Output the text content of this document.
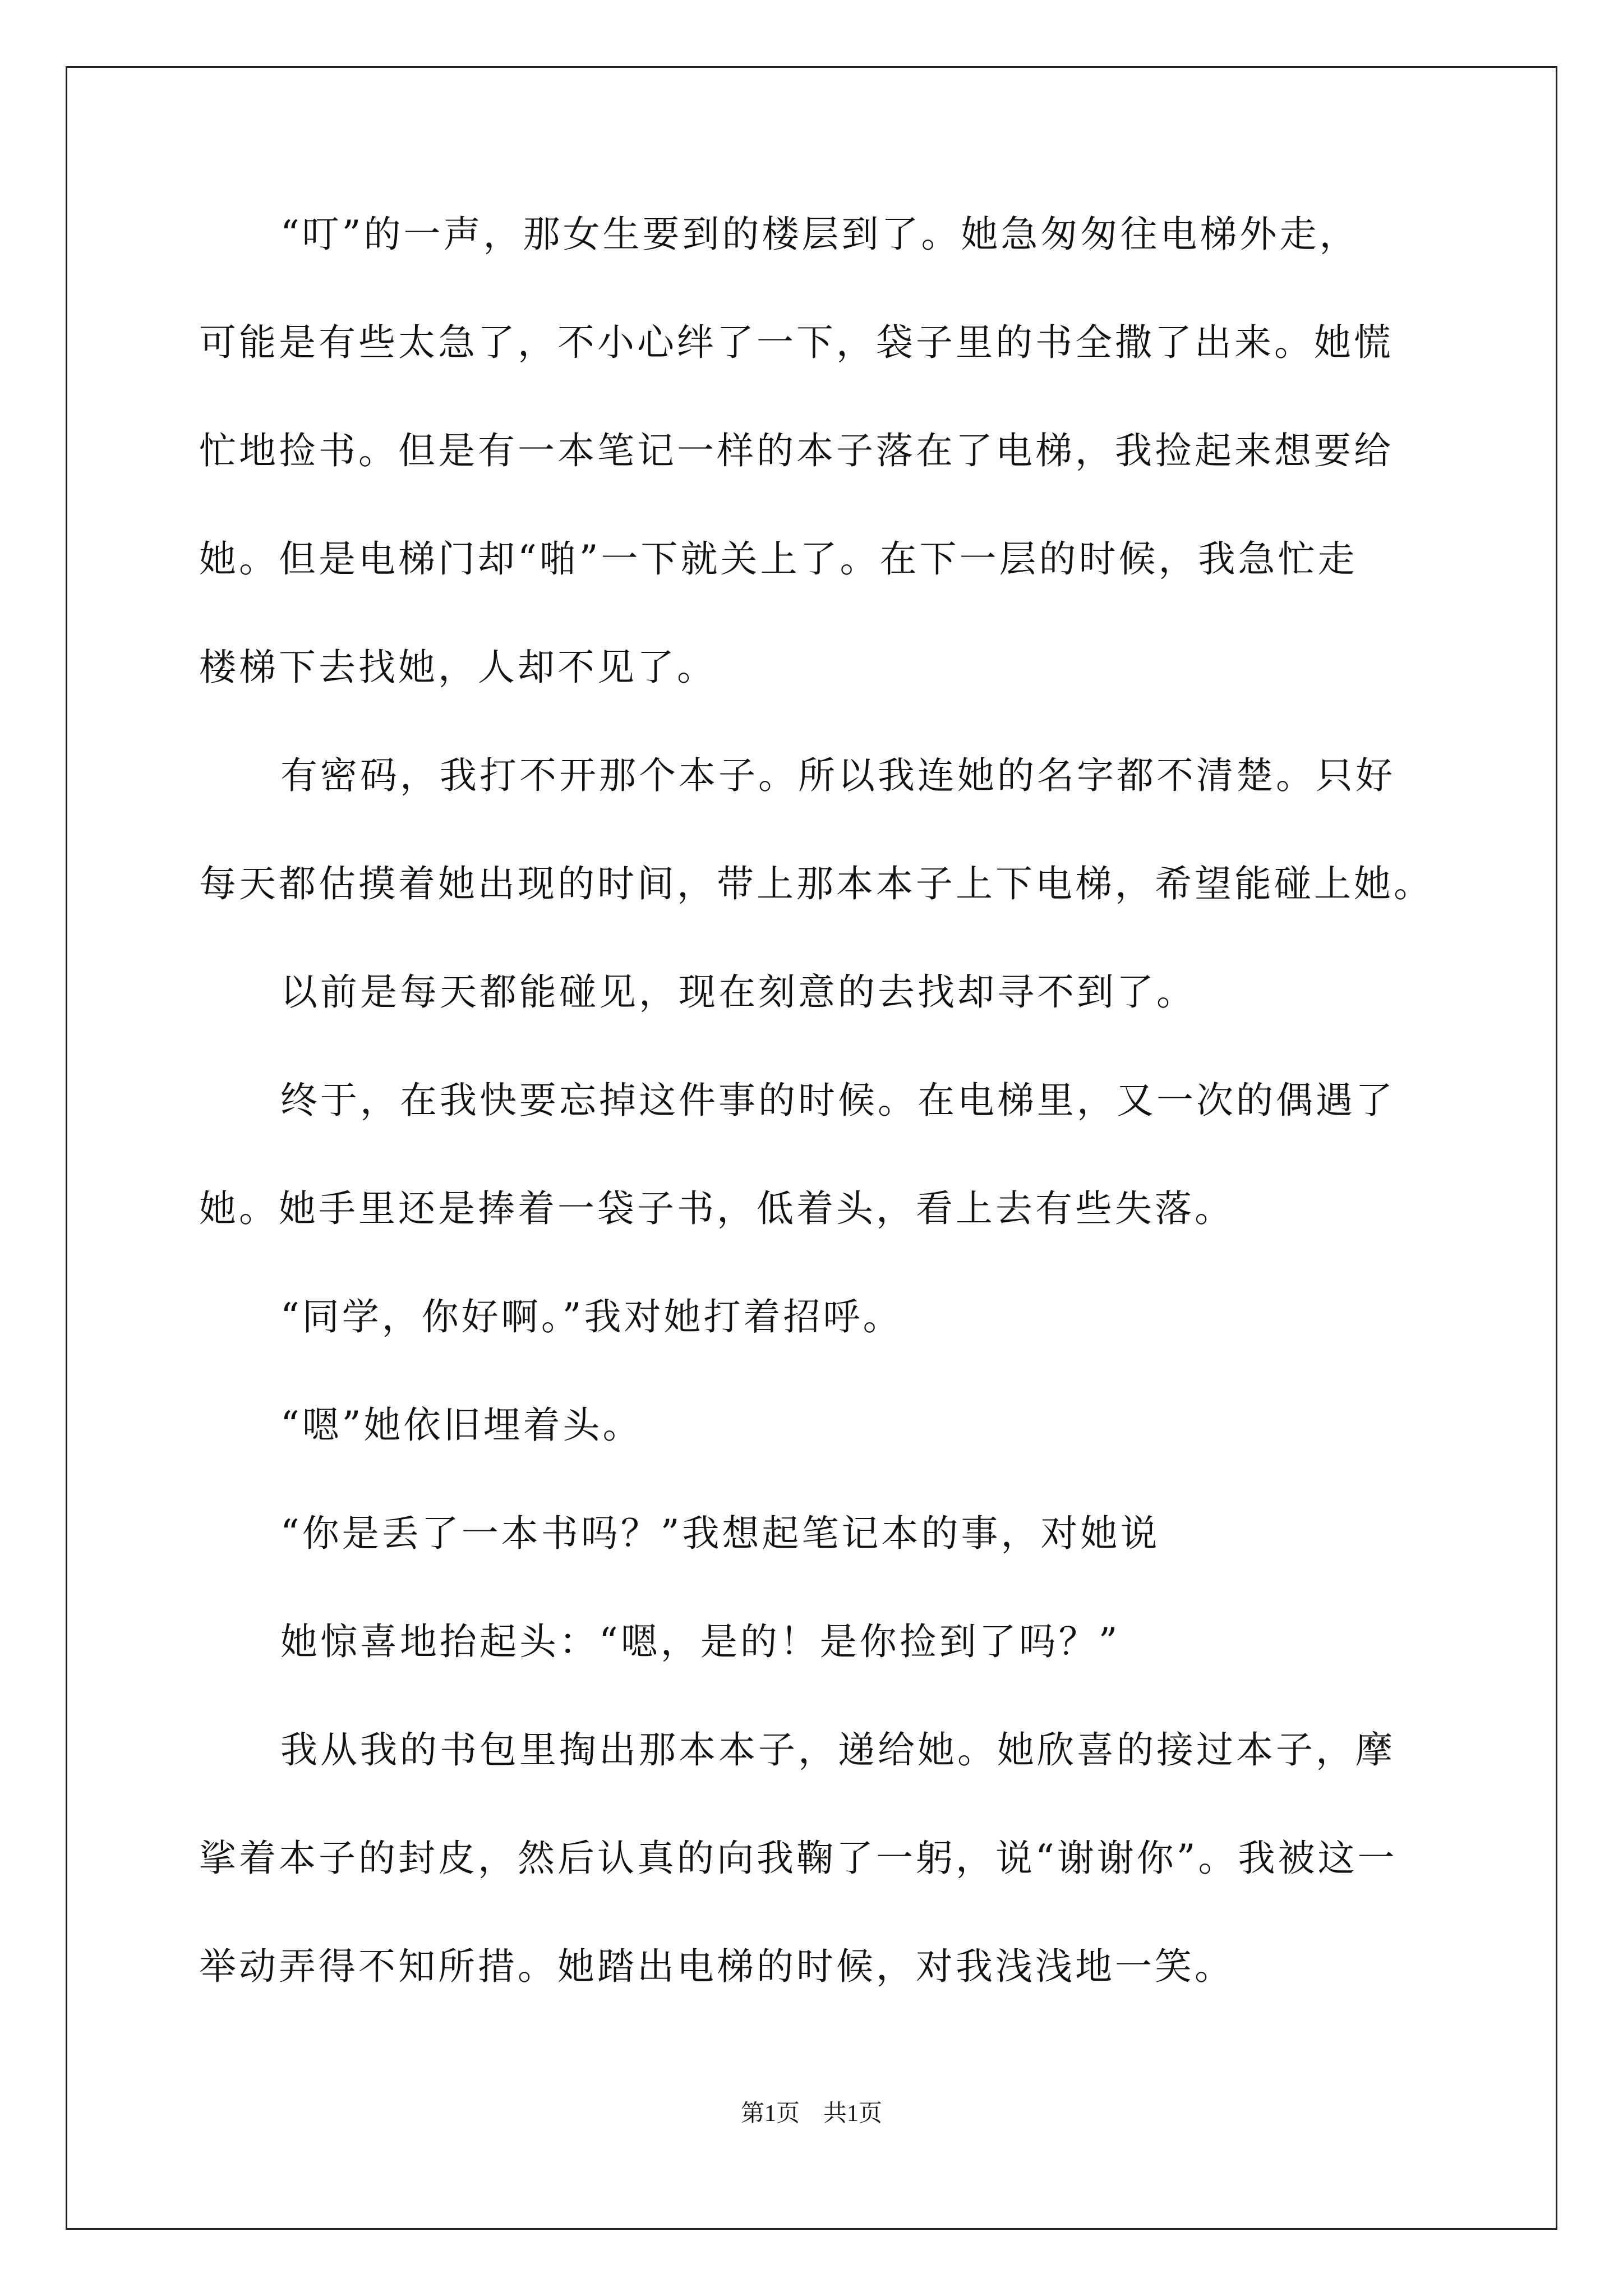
“叮”的一声，那女生要到的楼层到了。她急匆匆往电梯外走，
可能是有些太急了，不小心绊了一下，袋子里的书全撒了出来。她慌
忙地捡书。但是有一本笔记一样的本子落在了电梯，我捡起来想要给
她。但是电梯门却“啪”一下就关上了。在下一层的时候，我急忙走
楼梯下去找她，人却不见了。
有密码，我打不开那个本子。所以我连她的名字都不清楚。只好
每天都估摸着她出现的时间，带上那本本子上下电梯，希望能碰上她。
以前是每天都能碰见，现在刻意的去找却寻不到了。
终于，在我快要忘掉这件事的时候。在电梯里，又一次的偶遇了
她。她手里还是捧着一袋子书，低着头，看上去有些失落。
“同学，你好啊。”我对她打着招呼。
“嗯”她依旧埋着头。
“你是丢了一本书吗？”我想起笔记本的事，对她说
她惊喜地抬起头：“嗯，是的！是你捡到了吗？”
我从我的书包里掏出那本本子，递给她。她欣喜的接过本子，摩
挲着本子的封皮，然后认真的向我鞠了一躬，说“谢谢你”。我被这一
举动弄得不知所措。她踏出电梯的时候，对我浅浅地一笑。
第1页　共1页
